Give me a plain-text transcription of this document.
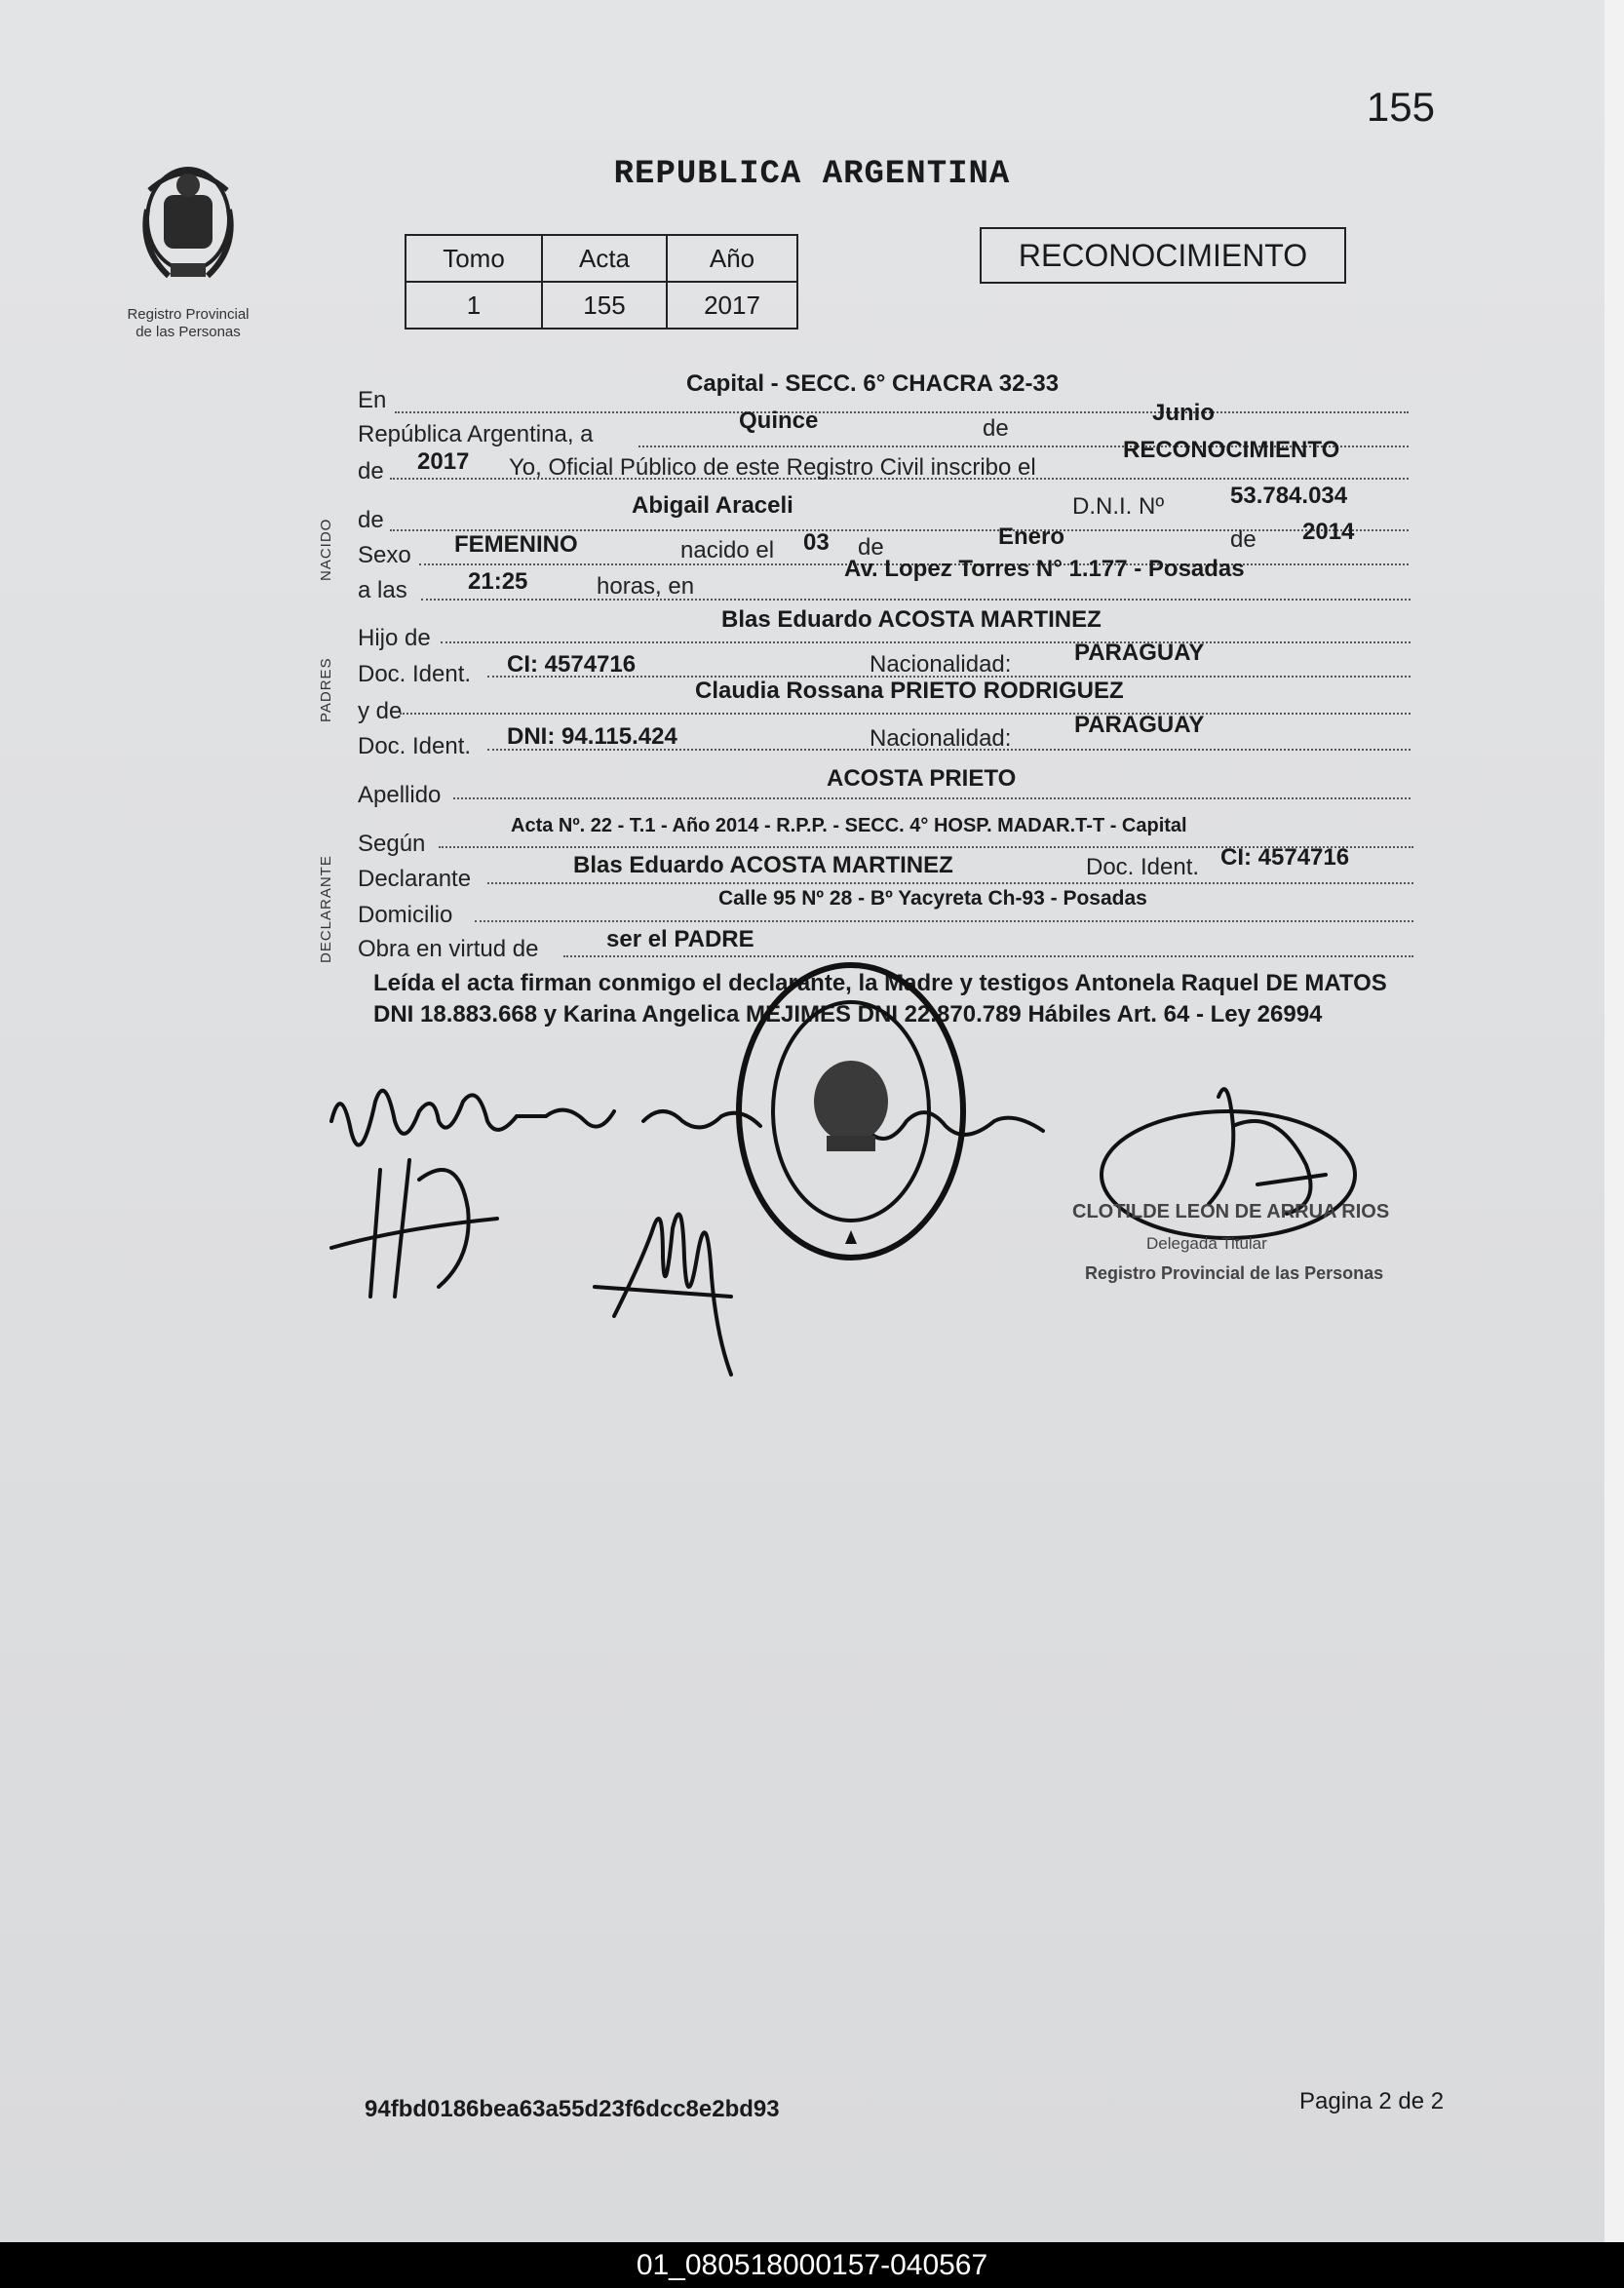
155
Registro Provincial
de las Personas
REPUBLICA ARGENTINA
Tomo	Acta	Año
1	155	2017
RECONOCIMIENTO
NACIDO
PADRES
DECLARANTE
En
Capital - SECC. 6° CHACRA 32-33
República Argentina, a
Quince	de
Junio
de 2017 Yo, Oficial Público de este Registro Civil inscribo el
RECONOCIMIENTO
de
Abigail Araceli	D.N.I. Nº	53.784.034
Sexo FEMENINO	nacido el 03 de	Enero	de 2014
a las	21:25	horas, en
Av. Lopez Torres N° 1.177 - Posadas
Hijo de
Blas Eduardo ACOSTA MARTINEZ
Doc. Ident. CI: 4574716	Nacionalidad:	PARAGUAY
y de
Claudia Rossana PRIETO RODRIGUEZ
Doc. Ident. DNI: 94.115.424	Nacionalidad:
PARAGUAY
Apellido
ACOSTA PRIETO
Según
Acta Nº. 22 - T.1 - Año 2014 - R.P.P. - SECC. 4° HOSP. MADAR.T-T - Capital
Declarante
Blas Eduardo ACOSTA MARTINEZ	Doc. Ident. CI: 4574716
Domicilio
Calle 95 Nº 28 - Bº Yacyreta Ch-93 - Posadas
Obra en virtud de	ser el PADRE
Leída el acta firman conmigo el declarante, la Madre y testigos Antonela Raquel DE MATOS DNI 18.883.668 y Karina Angelica MEJIMES DNI 22.870.789 Hábiles Art. 64 - Ley 26994
CLOTILDE LEON DE ARRUA RIOS
Delegada Titular
Registro Provincial de las Personas
94fbd0186bea63a55d23f6dcc8e2bd93	Pagina 2 de 2
01_080518000157-040567
